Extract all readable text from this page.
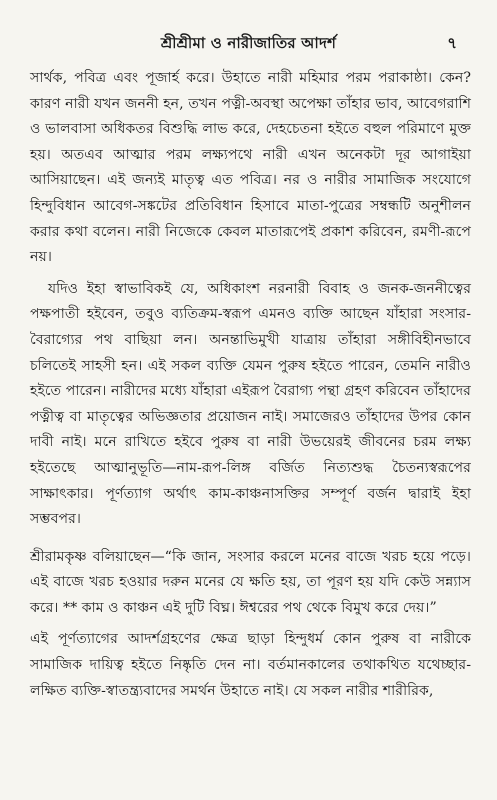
শ্রীশ্রীমা ও নারীজাতির আদর্শ	৭

সার্থক, পবিত্র এবং পূজার্হ করে। উহাতে নারী মহিমার পরম পরাকাষ্ঠা। কেন? কারণ নারী যখন জননী হন, তখন পত্নী-অবস্থা অপেক্ষা তাঁহার ভাব, আবেগরাশি ও ভালবাসা অধিকতর বিশুদ্ধি লাভ করে, দেহচেতনা হইতে বহুল পরিমাণে মুক্ত হয়। অতএব আত্মার পরম লক্ষ্যপথে নারী এখন অনেকটা দূর আগাইয়া আসিয়াছেন। এই জন্যই মাতৃত্ব এত পবিত্র। নর ও নারীর সামাজিক সংযোগে হিন্দুবিধান আবেগ-সঙ্কটের প্রতিবিধান হিসাবে মাতা-পুত্রের সম্বন্ধটি অনুশীলন করার কথা বলেন। নারী নিজেকে কেবল মাতারূপেই প্রকাশ করিবেন, রমণী-রূপে নয়।

যদিও ইহা স্বাভাবিকই যে, অধিকাংশ নরনারী বিবাহ ও জনক-জননীত্বের পক্ষপাতী হইবেন, তবুও ব্যতিক্রম-স্বরূপ এমনও ব্যক্তি আছেন যাঁহারা সংসার-বৈরাগ্যের পথ বাছিয়া লন। অনন্তাভিমুখী যাত্রায় তাঁহারা সঙ্গীবিহীনভাবে চলিতেই সাহসী হন। এই সকল ব্যক্তি যেমন পুরুষ হইতে পারেন, তেমনি নারীও হইতে পারেন। নারীদের মধ্যে যাঁহারা এইরূপ বৈরাগ্য পন্থা গ্রহণ করিবেন তাঁহাদের পত্নীত্ব বা মাতৃত্বের অভিজ্ঞতার প্রয়োজন নাই। সমাজেরও তাঁহাদের উপর কোন দাবী নাই। মনে রাখিতে হইবে পুরুষ বা নারী উভয়েরই জীবনের চরম লক্ষ্য হইতেছে আত্মানুভূতি—নাম-রূপ-লিঙ্গ বর্জিত নিত্যশুদ্ধ চৈতন্যস্বরূপের সাক্ষাৎকার। পূর্ণত্যাগ অর্থাৎ কাম-কাঞ্চনাসক্তির সম্পূর্ণ বর্জন দ্বারাই ইহা সম্ভবপর।

শ্রীরামকৃষ্ণ বলিয়াছেন—“কি জান, সংসার করলে মনের বাজে খরচ হয়ে পড়ে। এই বাজে খরচ হওয়ার দরুন মনের যে ক্ষতি হয়, তা পূরণ হয় যদি কেউ সন্ন্যাস করে। ** কাম ও কাঞ্চন এই দুটি বিঘ্ন। ঈশ্বরের পথ থেকে বিমুখ করে দেয়।”

এই পূর্ণত্যাগের আদর্শগ্রহণের ক্ষেত্র ছাড়া হিন্দুধর্ম কোন পুরুষ বা নারীকে সামাজিক দায়িত্ব হইতে নিষ্কৃতি দেন না। বর্তমানকালের তথাকথিত যথেচ্ছার-লক্ষিত ব্যক্তি-স্বাতন্ত্র্যবাদের সমর্থন উহাতে নাই। যে সকল নারীর শারীরিক,
